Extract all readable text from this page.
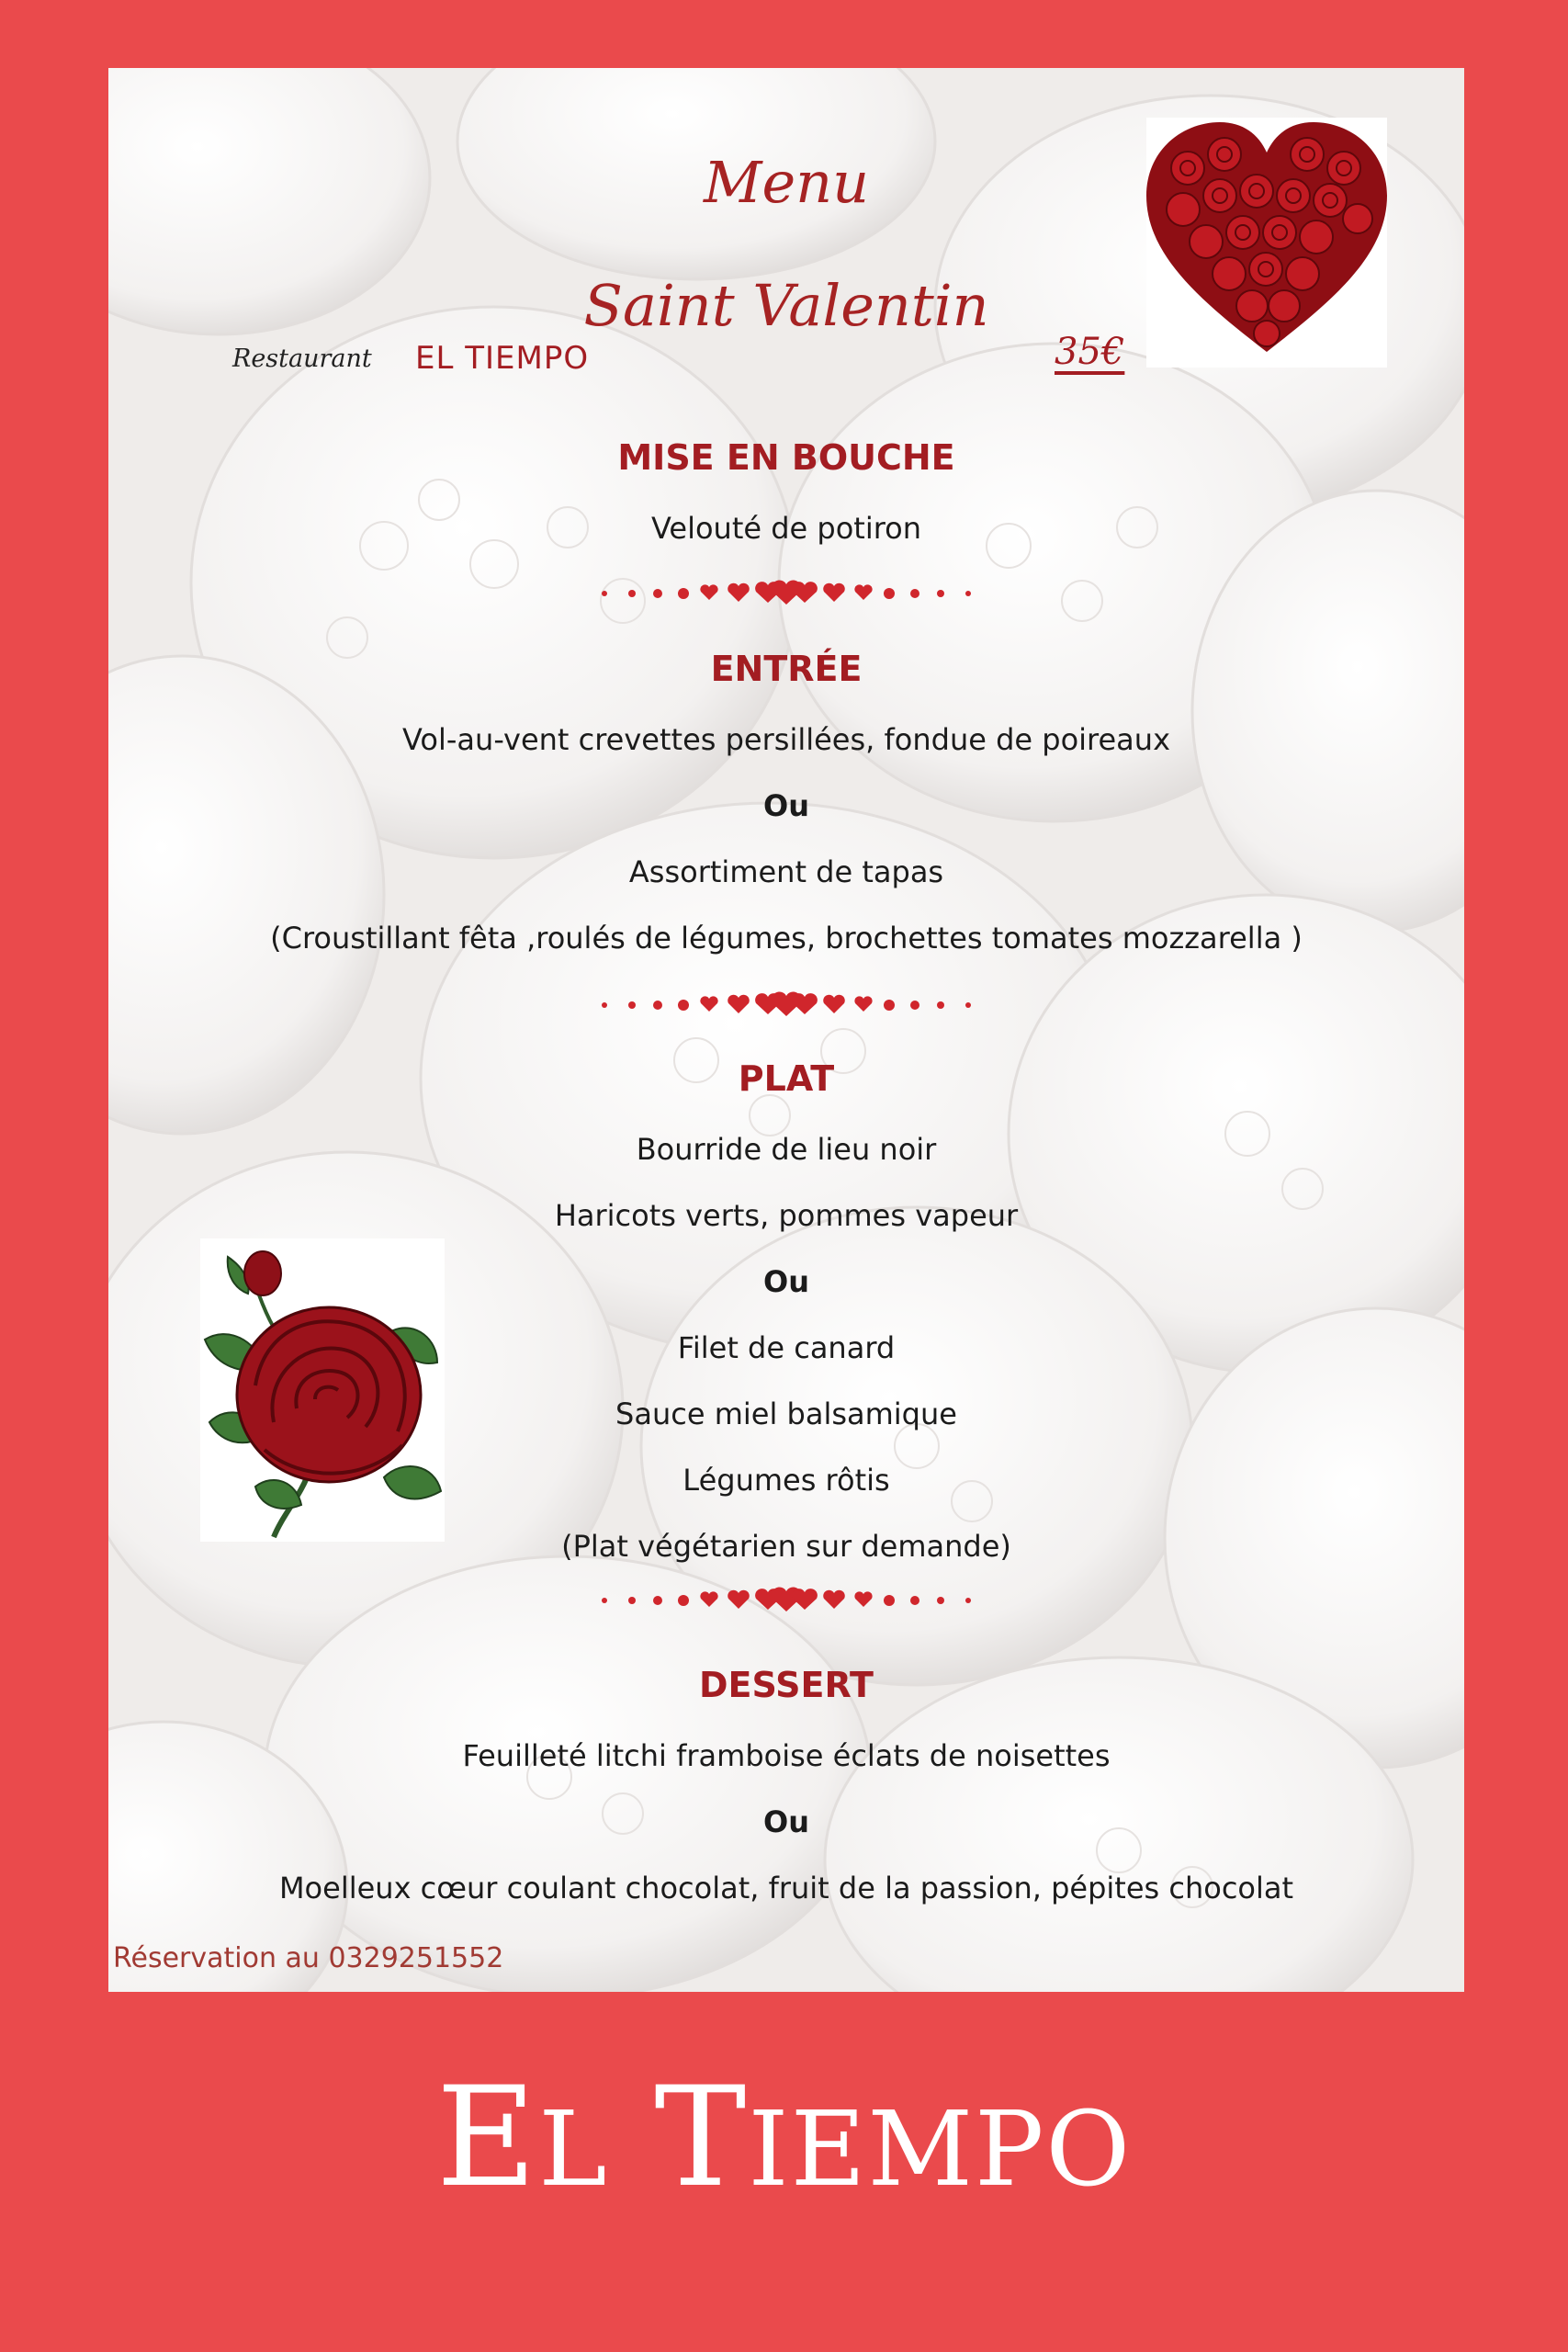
Menu
Saint Valentin
Restaurant EL TIEMPO	35€
MISE EN BOUCHE
Velouté de potiron
ENTRÉE
Vol-au-vent crevettes persillées, fondue de poireaux
Ou
Assortiment de tapas
(Croustillant fêta ,roulés de légumes, brochettes tomates mozzarella )
PLAT
Bourride de lieu noir
Haricots verts, pommes vapeur
Ou
Filet de canard
Sauce miel balsamique
Légumes rôtis
(Plat végétarien sur demande)
DESSERT
Feuilleté litchi framboise éclats de noisettes
Ou
Moelleux cœur coulant chocolat, fruit de la passion, pépites chocolat
Réservation au 0329251552
EL TIEMPO
